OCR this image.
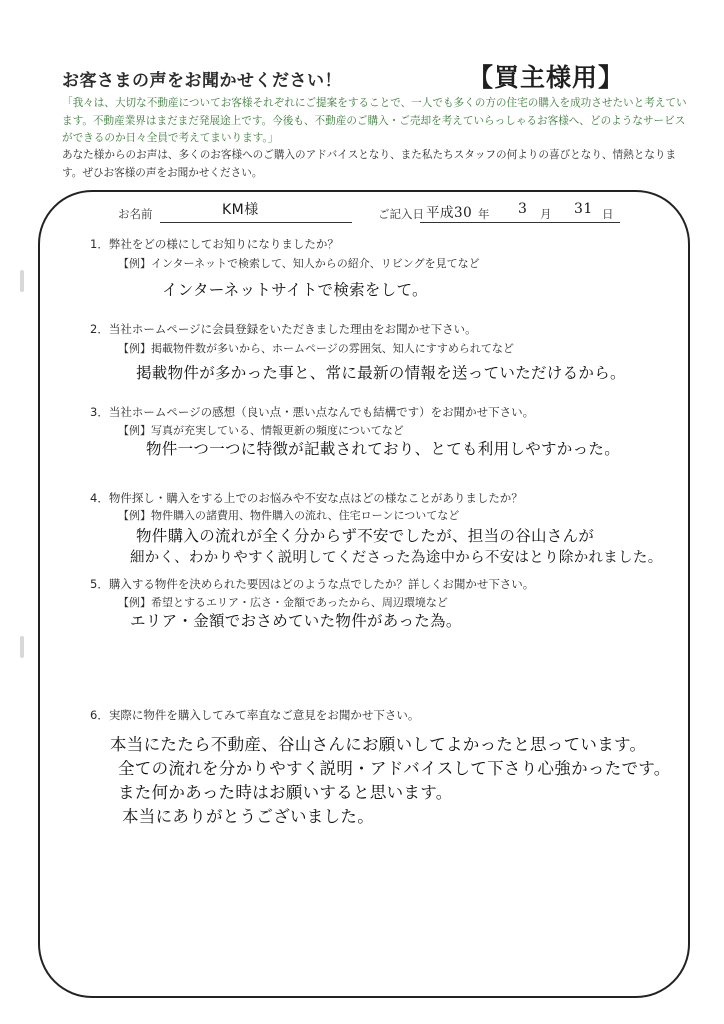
お客さまの声をお聞かせください！	【買主様用】
「我々は、大切な不動産についてお客様それぞれにご提案をすることで、一人でも多くの方の住宅の購入を成功させたいと考えています。不動産業界はまだまだ発展途上です。今後も、不動産のご購入・ご売却を考えていらっしゃるお客様へ、どのようなサービスができるのか日々全員で考えてまいります。」
あなた様からのお声は、多くのお客様へのご購入のアドバイスとなり、また私たちスタッフの何よりの喜びとなり、情熱となります。ぜひお客様の声をお聞かせください。
お名前	KM様	ご記入日 平成30 年 3 月 31 日
1．弊社をどの様にしてお知りになりましたか？
【例】インターネットで検索して、知人からの紹介、リビングを見てなど
インターネットサイトで検索をして。
2．当社ホームページに会員登録をいただきました理由をお聞かせ下さい。
【例】掲載物件数が多いから、ホームページの雰囲気、知人にすすめられてなど
掲載物件が多かった事と、常に最新の情報を送っていただけるから。
3．当社ホームページの感想（良い点・悪い点なんでも結構です）をお聞かせ下さい。
【例】写真が充実している、情報更新の頻度についてなど
物件一つ一つに特徴が記載されており、とても利用しやすかった。
4．物件探し・購入をする上でのお悩みや不安な点はどの様なことがありましたか？
【例】物件購入の諸費用、物件購入の流れ、住宅ローンについてなど
物件購入の流れが全く分からず不安でしたが、担当の谷山さんが
細かく、わかりやすく説明してくださった為途中から不安はとり除かれました。
5．購入する物件を決められた要因はどのような点でしたか？詳しくお聞かせ下さい。
【例】希望とするエリア・広さ・金額であったから、周辺環境など
エリア・金額でおさめていた物件があった為。
6．実際に物件を購入してみて率直なご意見をお聞かせ下さい。
本当にたたら不動産、谷山さんにお願いしてよかったと思っています。
全ての流れを分かりやすく説明・アドバイスして下さり心強かったです。
また何かあった時はお願いすると思います。
本当にありがとうございました。
